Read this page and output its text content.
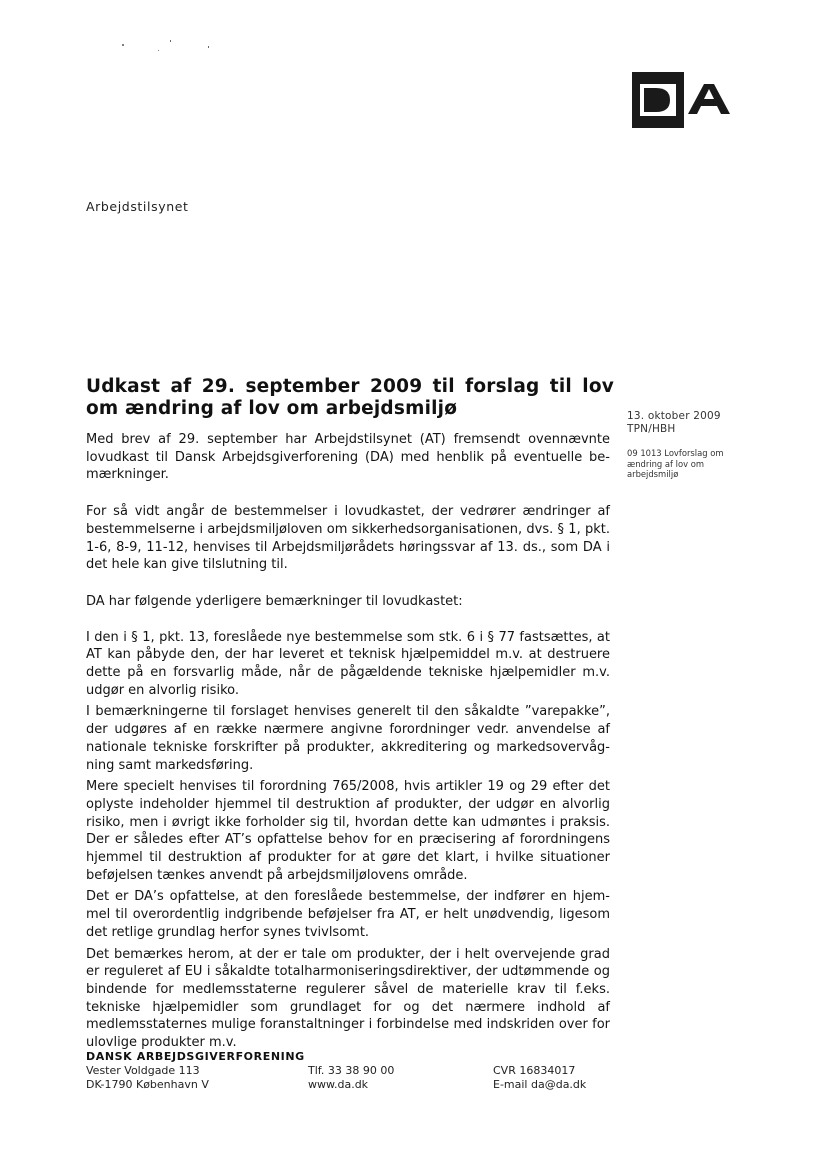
Arbejdstilsynet
Udkast af 29. september 2009 til forslag til lov om ændring af lov om arbejdsmiljø	13. oktober 2009
TPN/HBH
09 1013 Lovforslag om ændring af lov om arbejdsmiljø

Med brev af 29. september har Arbejdstilsynet (AT) fremsendt ovennævnte lovudkast til Dansk Arbejdsgiverforening (DA) med henblik på eventuelle bemærkninger.

For så vidt angår de bestemmelser i lovudkastet, der vedrører ændringer af bestemmelserne i arbejdsmiljøloven om sikkerhedsorganisationen, dvs. § 1, pkt. 1-6, 8-9, 11-12, henvises til Arbejdsmiljørådets høringssvar af 13. ds., som DA i det hele kan give tilslutning til.

DA har følgende yderligere bemærkninger til lovudkastet:

I den i § 1, pkt. 13, foreslåede nye bestemmelse som stk. 6 i § 77 fastsættes, at AT kan påbyde den, der har leveret et teknisk hjælpemiddel m.v. at destruere dette på en forsvarlig måde, når de pågældende tekniske hjælpemidler m.v. udgør en alvorlig risiko.

I bemærkningerne til forslaget henvises generelt til den såkaldte ”varepakke”, der udgøres af en række nærmere angivne forordninger vedr. anvendelse af nationale tekniske forskrifter på produkter, akkreditering og markedsovervågning samt markedsføring.

Mere specielt henvises til forordning 765/2008, hvis artikler 19 og 29 efter det oplyste indeholder hjemmel til destruktion af produkter, der udgør en alvorlig risiko, men i øvrigt ikke forholder sig til, hvordan dette kan udmøntes i praksis. Der er således efter AT’s opfattelse behov for en præcisering af forordningens hjemmel til destruktion af produkter for at gøre det klart, i hvilke situationer beføjelsen tænkes anvendt på arbejdsmiljølovens område.

Det er DA’s opfattelse, at den foreslåede bestemmelse, der indfører en hjemmel til overordentlig indgribende beføjelser fra AT, er helt unødvendig, ligesom det retlige grundlag herfor synes tvivlsomt.

Det bemærkes herom, at der er tale om produkter, der i helt overvejende grad er reguleret af EU i såkaldte totalharmoniseringsdirektiver, der udtømmende og bindende for medlemsstaterne regulerer såvel de materielle krav til f.eks. tekniske hjælpemidler som grundlaget for og det nærmere indhold af medlemsstaternes mulige foranstaltninger i forbindelse med indskriden over for ulovlige produkter m.v.

DANSK ARBEJDSGIVERFORENING
Vester Voldgade 113
DK-1790 København V
Tlf. 33 38 90 00
www.da.dk
CVR 16834017
E-mail da@da.dk
